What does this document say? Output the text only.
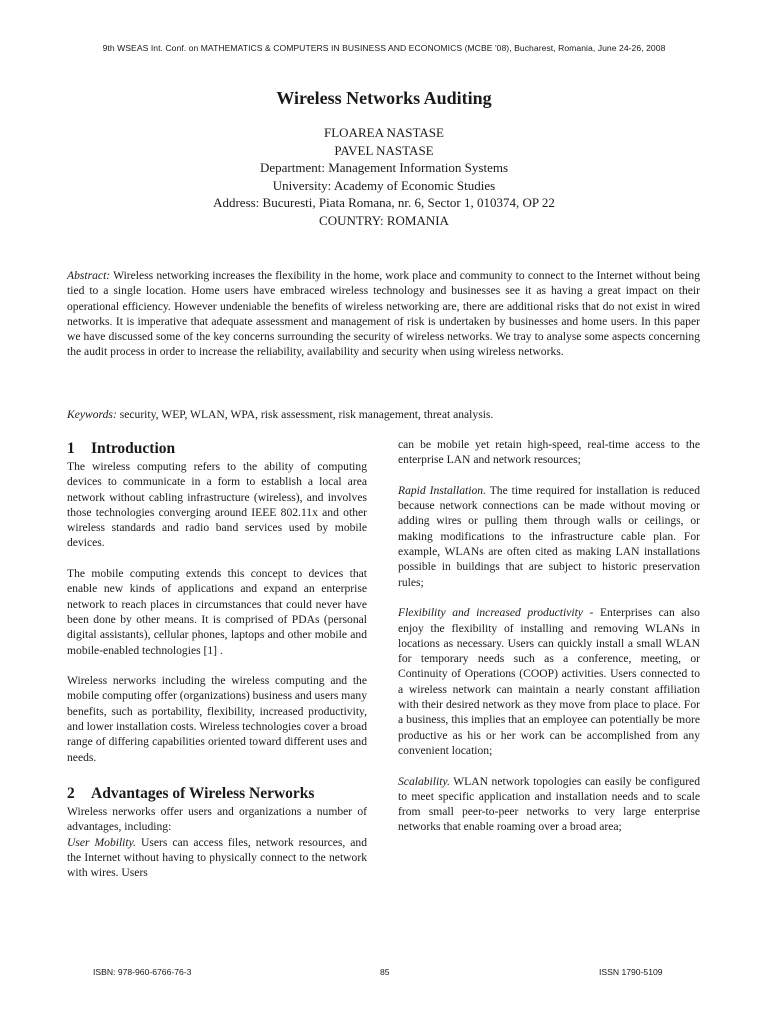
9th WSEAS Int. Conf. on MATHEMATICS & COMPUTERS IN BUSINESS AND ECONOMICS (MCBE '08), Bucharest, Romania, June 24-26, 2008
Wireless Networks Auditing
FLOAREA NASTASE
PAVEL NASTASE
Department: Management Information Systems
University: Academy of Economic Studies
Address: Bucuresti, Piata Romana, nr. 6, Sector 1, 010374, OP 22
COUNTRY: ROMANIA
Abstract: Wireless networking increases the flexibility in the home, work place and community to connect to the Internet without being tied to a single location. Home users have embraced wireless technology and businesses see it as having a great impact on their operational efficiency. However undeniable the benefits of wireless networking are, there are additional risks that do not exist in wired networks. It is imperative that adequate assessment and management of risk is undertaken by businesses and home users. In this paper we have discussed some of the key concerns surrounding the security of wireless networks. We tray to analyse some aspects concerning the audit process in order to increase the reliability, availability and security when using wireless networks.
Keywords: security, WEP, WLAN, WPA, risk assessment, risk management, threat analysis.
1 Introduction

The wireless computing refers to the ability of computing devices to communicate in a form to establish a local area network without cabling infrastructure (wireless), and involves those technologies converging around IEEE 802.11x and other wireless standards and radio band services used by mobile devices.

The mobile computing extends this concept to devices that enable new kinds of applications and expand an enterprise network to reach places in circumstances that could never have been done by other means. It is comprised of PDAs (personal digital assistants), cellular phones, laptops and other mobile and mobile-enabled technologies [1] .

Wireless nerworks including the wireless computing and the mobile computing offer (organizations) business and users many benefits, such as portability, flexibility, increased productivity, and lower installation costs. Wireless technologies cover a broad range of differing capabilities oriented toward different uses and needs.

2 Advantages of Wireless Nerworks

Wireless nerworks offer users and organizations a number of advantages, including:

User Mobility. Users can access files, network resources, and the Internet without having to physically connect to the network with wires. Users

can be mobile yet retain high-speed, real-time access to the enterprise LAN and network resources;

Rapid Installation. The time required for installation is reduced because network connections can be made without moving or adding wires or pulling them through walls or ceilings, or making modifications to the infrastructure cable plan. For example, WLANs are often cited as making LAN installations possible in buildings that are subject to historic preservation rules;

Flexibility and increased productivity - Enterprises can also enjoy the flexibility of installing and removing WLANs in locations as necessary. Users can quickly install a small WLAN for temporary needs such as a conference, meeting, or Continuity of Operations (COOP) activities. Users connected to a wireless network can maintain a nearly constant affiliation with their desired network as they move from place to place. For a business, this implies that an employee can potentially be more productive as his or her work can be accomplished from any convenient location;

Scalability. WLAN network topologies can easily be configured to meet specific application and installation needs and to scale from small peer-to-peer networks to very large enterprise networks that enable roaming over a broad area;

ISBN: 978-960-6766-76-3	85	ISSN 1790-5109
